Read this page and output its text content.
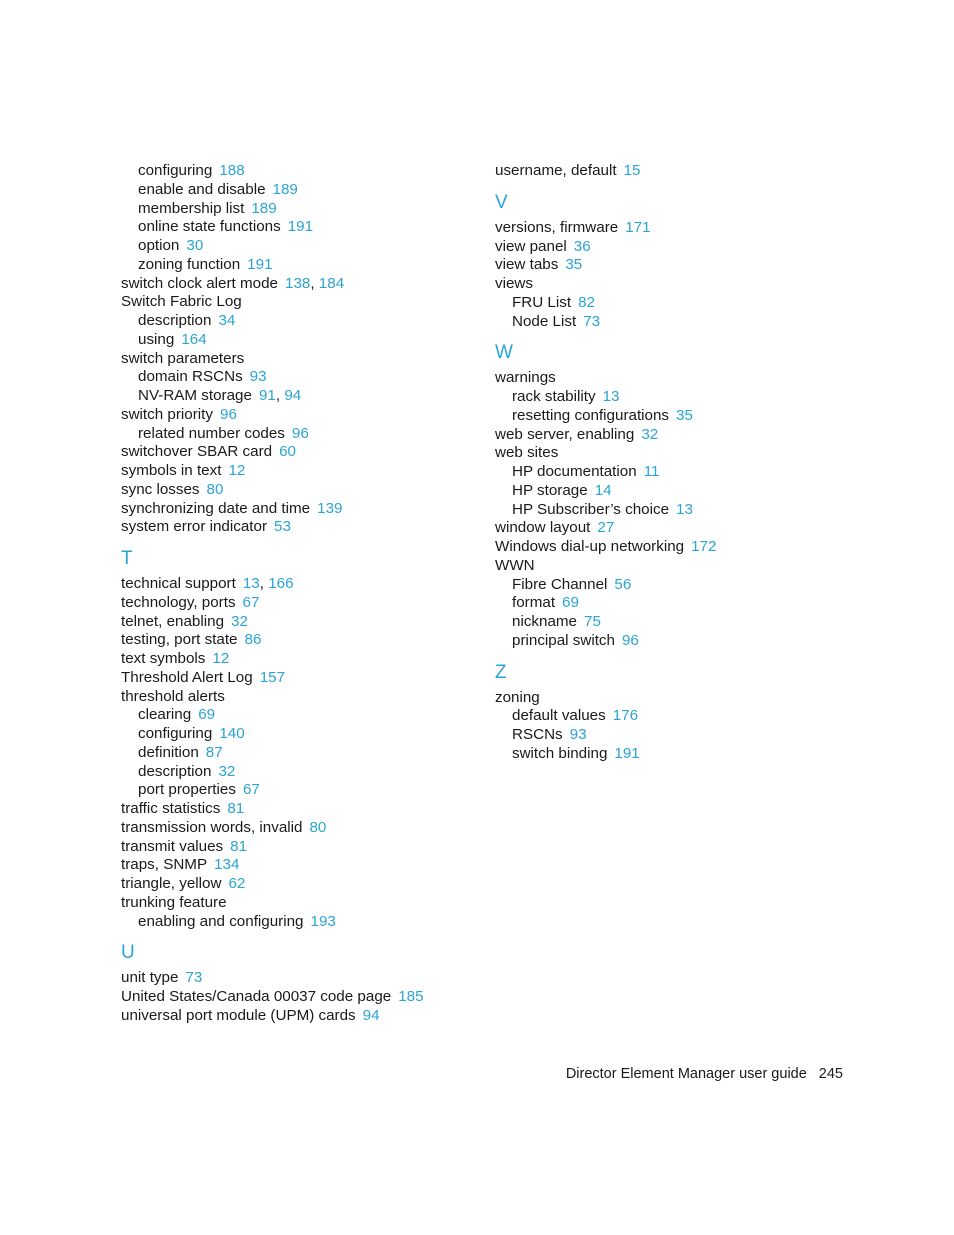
configuring 188
enable and disable 189
membership list 189
online state functions 191
option 30
zoning function 191
switch clock alert mode 138 , 184
Switch Fabric Log
description 34
using 164
switch parameters
domain RSCNs 93
NV-RAM storage 91 , 94
switch priority 96
related number codes 96
switchover SBAR card 60
symbols in text 12
sync losses 80
synchronizing date and time 139
system error indicator 53
T
technical support 13 , 166
technology, ports 67
telnet, enabling 32
testing, port state 86
text symbols 12
Threshold Alert Log 157
threshold alerts
clearing 69
configuring 140
definition 87
description 32
port properties 67
traffic statistics 81
transmission words, invalid 80
transmit values 81
traps, SNMP 134
triangle, yellow 62
trunking feature
enabling and configuring 193
U
unit type 73
United States/Canada 00037 code page 185
universal port module (UPM) cards 94
username, default 15
V
versions, firmware 171
view panel 36
view tabs 35
views
FRU List 82
Node List 73
W
warnings
rack stability 13
resetting configurations 35
web server, enabling 32
web sites
HP documentation 11
HP storage 14
HP Subscriber’s choice 13
window layout 27
Windows dial-up networking 172
WWN
Fibre Channel 56
format 69
nickname 75
principal switch 96
Z
zoning
default values 176
RSCNs 93
switch binding 191
Director Element Manager user guide 245
